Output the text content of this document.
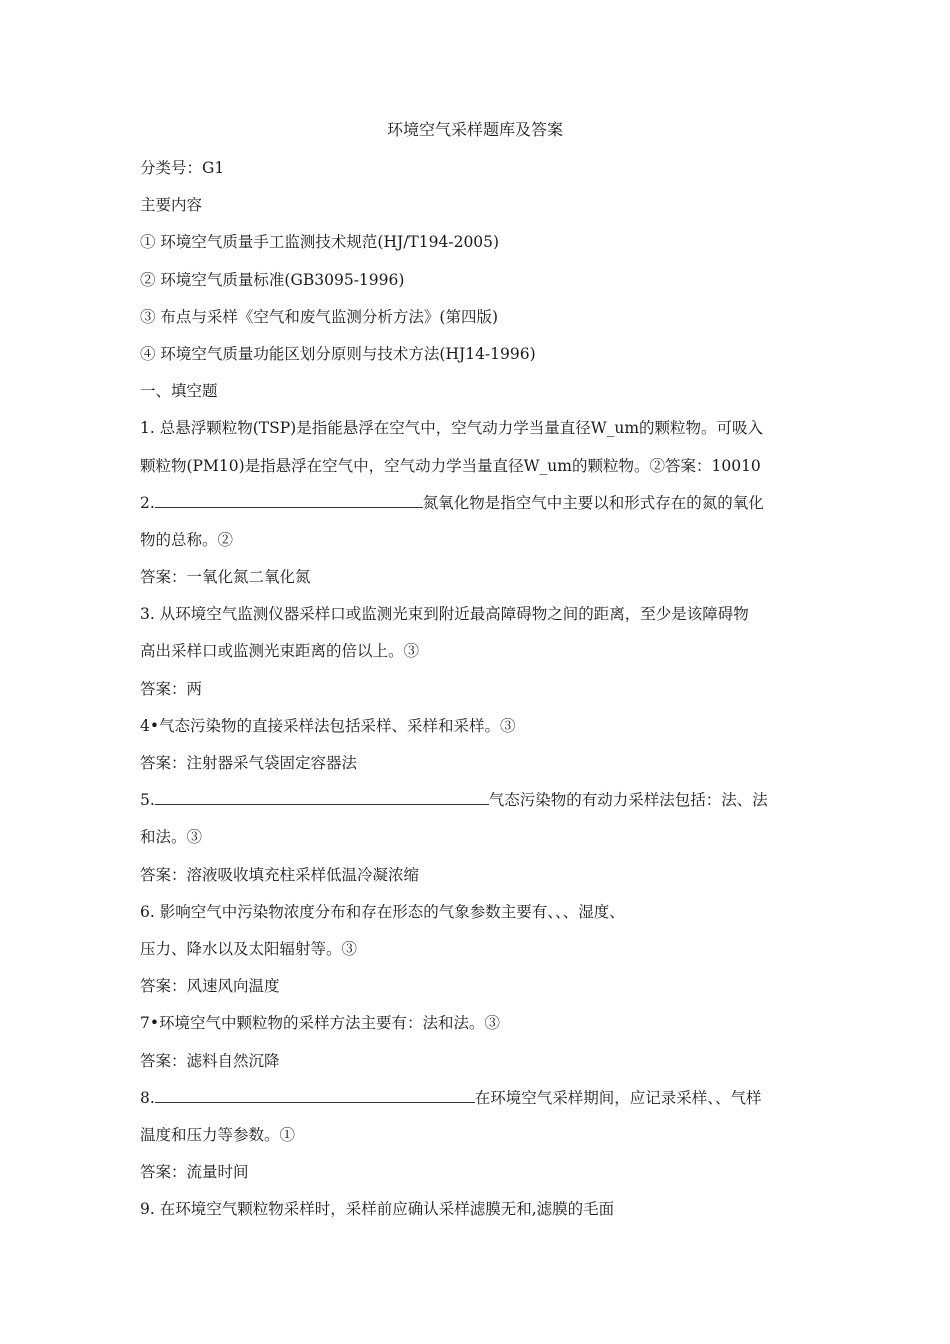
环境空气采样题库及答案
分类号：G1
主要内容
① 环境空气质量手工监测技术规范(HJ/T194-2005)
② 环境空气质量标准(GB3095-1996)
③ 布点与采样《空气和废气监测分析方法》(第四版)
④ 环境空气质量功能区划分原则与技术方法(HJ14-1996)
一、填空题
1. 总悬浮颗粒物(TSP)是指能悬浮在空气中，空气动力学当量直径W_um的颗粒物。可吸入
颗粒物(PM10)是指悬浮在空气中，空气动力学当量直径W_um的颗粒物。②答案：10010
2.	氮氧化物是指空气中主要以和形式存在的氮的氧化
物的总称。②
答案：一氧化氮二氧化氮
3. 从环境空气监测仪器采样口或监测光束到附近最高障碍物之间的距离，至少是该障碍物
高出采样口或监测光束距离的倍以上。③
答案：两
4•气态污染物的直接采样法包括采样、采样和采样。③
答案：注射器采气袋固定容器法
5.	气态污染物的有动力采样法包括：法、法
和法。③
答案：溶液吸收填充柱采样低温冷凝浓缩
6. 影响空气中污染物浓度分布和存在形态的气象参数主要有、、、湿度、
压力、降水以及太阳辐射等。③
答案：风速风向温度
7•环境空气中颗粒物的采样方法主要有：法和法。③
答案：滤料自然沉降
8.	在环境空气采样期间，应记录采样、、气样
温度和压力等参数。①
答案：流量时间
9. 在环境空气颗粒物采样时，采样前应确认采样滤膜无和,滤膜的毛面
